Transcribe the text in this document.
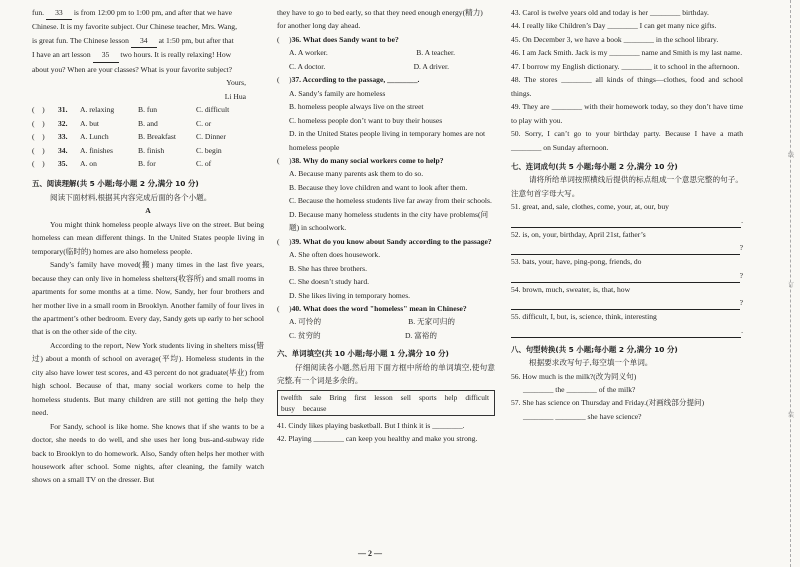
fun. 33 is from 12:00 pm to 1:00 pm, and after that we have

Chinese. It is my favorite subject. Our Chinese teacher, Mrs. Wang,

is great fun. The Chinese lesson 34 at 1:50 pm, but after that

I have an art lesson 35 two hours. It is really relaxing! How

about you? When are your classes? What is your favorite subject?

Yours,

Li Hua

(    )	31.	A. relaxing	B. fun	C. difficult
(    )	32.	A. but	B. and	C. or
(    )	33.	A. Lunch	B. Breakfast	C. Dinner
(    )	34.	A. finishes	B. finish	C. begin
(    )	35.	A. on	B. for	C. of

五、阅读理解(共 5 小题;每小题 2 分,满分 10 分)

阅读下面材料,根据其内容完成后面的各个小题。

A

You might think homeless people always live on the street. But being homeless can mean different things. In the United States people living in temporary(临时的) homes are also homeless people.

Sandy’s family have moved(搬) many times in the last five years, because they can only live in homeless shelters(收容所) and small rooms in apartments for some months at a time. Now, Sandy, her four brothers and her mother live in a small room in Brooklyn. Another family of four lives in the apartment’s other bedroom. Every day, Sandy gets up early to her school that is on the other side of the city.

According to the report, New York students living in shelters miss(错过) about a month of school on average(平均). Homeless students in the city also have lower test scores, and 43 percent do not graduate(毕业) from high school. Because of that, many social workers come to help the homeless students. But many children are still not getting the help they need.

For Sandy, school is like home. She knows that if she wants to be a doctor, she needs to do well, and she uses her long bus-and-subway ride back to Brooklyn to do homework. Also, Sandy often helps her mother with housework after school. Some nights, after cleaning, the family watch shows on a small TV on the dresser. But

they have to go to bed early, so that they need enough energy(精力)

for another long day ahead.

(     )36. What does Sandy want to be?

A. A worker.	B. A teacher.
C. A doctor.	D. A driver.

(     )37. According to the passage, ________.

A. Sandy’s family are homeless

B. homeless people always live on the street

C. homeless people don’t want to buy their houses

D. in the United States people living in temporary homes are not homeless people

(     )38. Why do many social workers come to help?

A. Because many parents ask them to do so.

B. Because they love children and want to look after them.

C. Because the homeless students live far away from their schools.

D. Because many homeless students in the city have problems(问题) in schoolwork.

(     )39. What do you know about Sandy according to the passage?

A. She often does housework.

B. She has three brothers.

C. She doesn’t study hard.

D. She likes living in temporary homes.

(     )40. What does the word "homeless" mean in Chinese?

A. 可怜的	B. 无家可归的
C. 贫穷的	D. 富裕的

六、单词填空(共 10 小题;每小题 1 分,满分 10 分)

仔细阅读各小题,然后用下面方框中所给的单词填空,使句意完整,有一个词是多余的。

twelfth sale Bring first lesson sell sports help difficult
busy because

41. Cindy likes playing basketball. But I think it is ________.

42. Playing ________ can keep you healthy and make you strong.

43. Carol is twelve years old and today is her ________ birthday.

44. I really like Children’s Day ________ I can get many nice gifts.

45. On December 3, we have a book ________ in the school library.

46. I am Jack Smith. Jack is my ________ name and Smith is my last name.

47. I borrow my English dictionary. ________ it to school in the afternoon.

48. The stores ________ all kinds of things—clothes, food and school things.

49. They are ________ with their homework today, so they don’t have time to play with you.

50. Sorry, I can’t go to your birthday party. Because I have a math ________ on Sunday afternoon.

七、连词成句(共 5 小题;每小题 2 分,满分 10 分)

请将所给单词按照横线后提供的标点组成一个意思完整的句子。注意句首字母大写。

51. great, and, sale, clothes, come, your, at, our, buy

.

52. is, on, your, birthday, April 21st, father’s

?

53. bats, your, have, ping-pong, friends, do

?

54. brown, much, sweater, is, that, how

?

55. difficult, I, but, is, science, think, interesting

.

八、句型转换(共 5 小题;每小题 2 分,满分 10 分)

根据要求改写句子,每空填一个单词。

56. How much is the milk?(改为同义句)

________ the ________ of the milk?

57. She has science on Thursday and Friday.(对画线部分提问)

________ ________ she have science?

— 2 —
线
订
装
